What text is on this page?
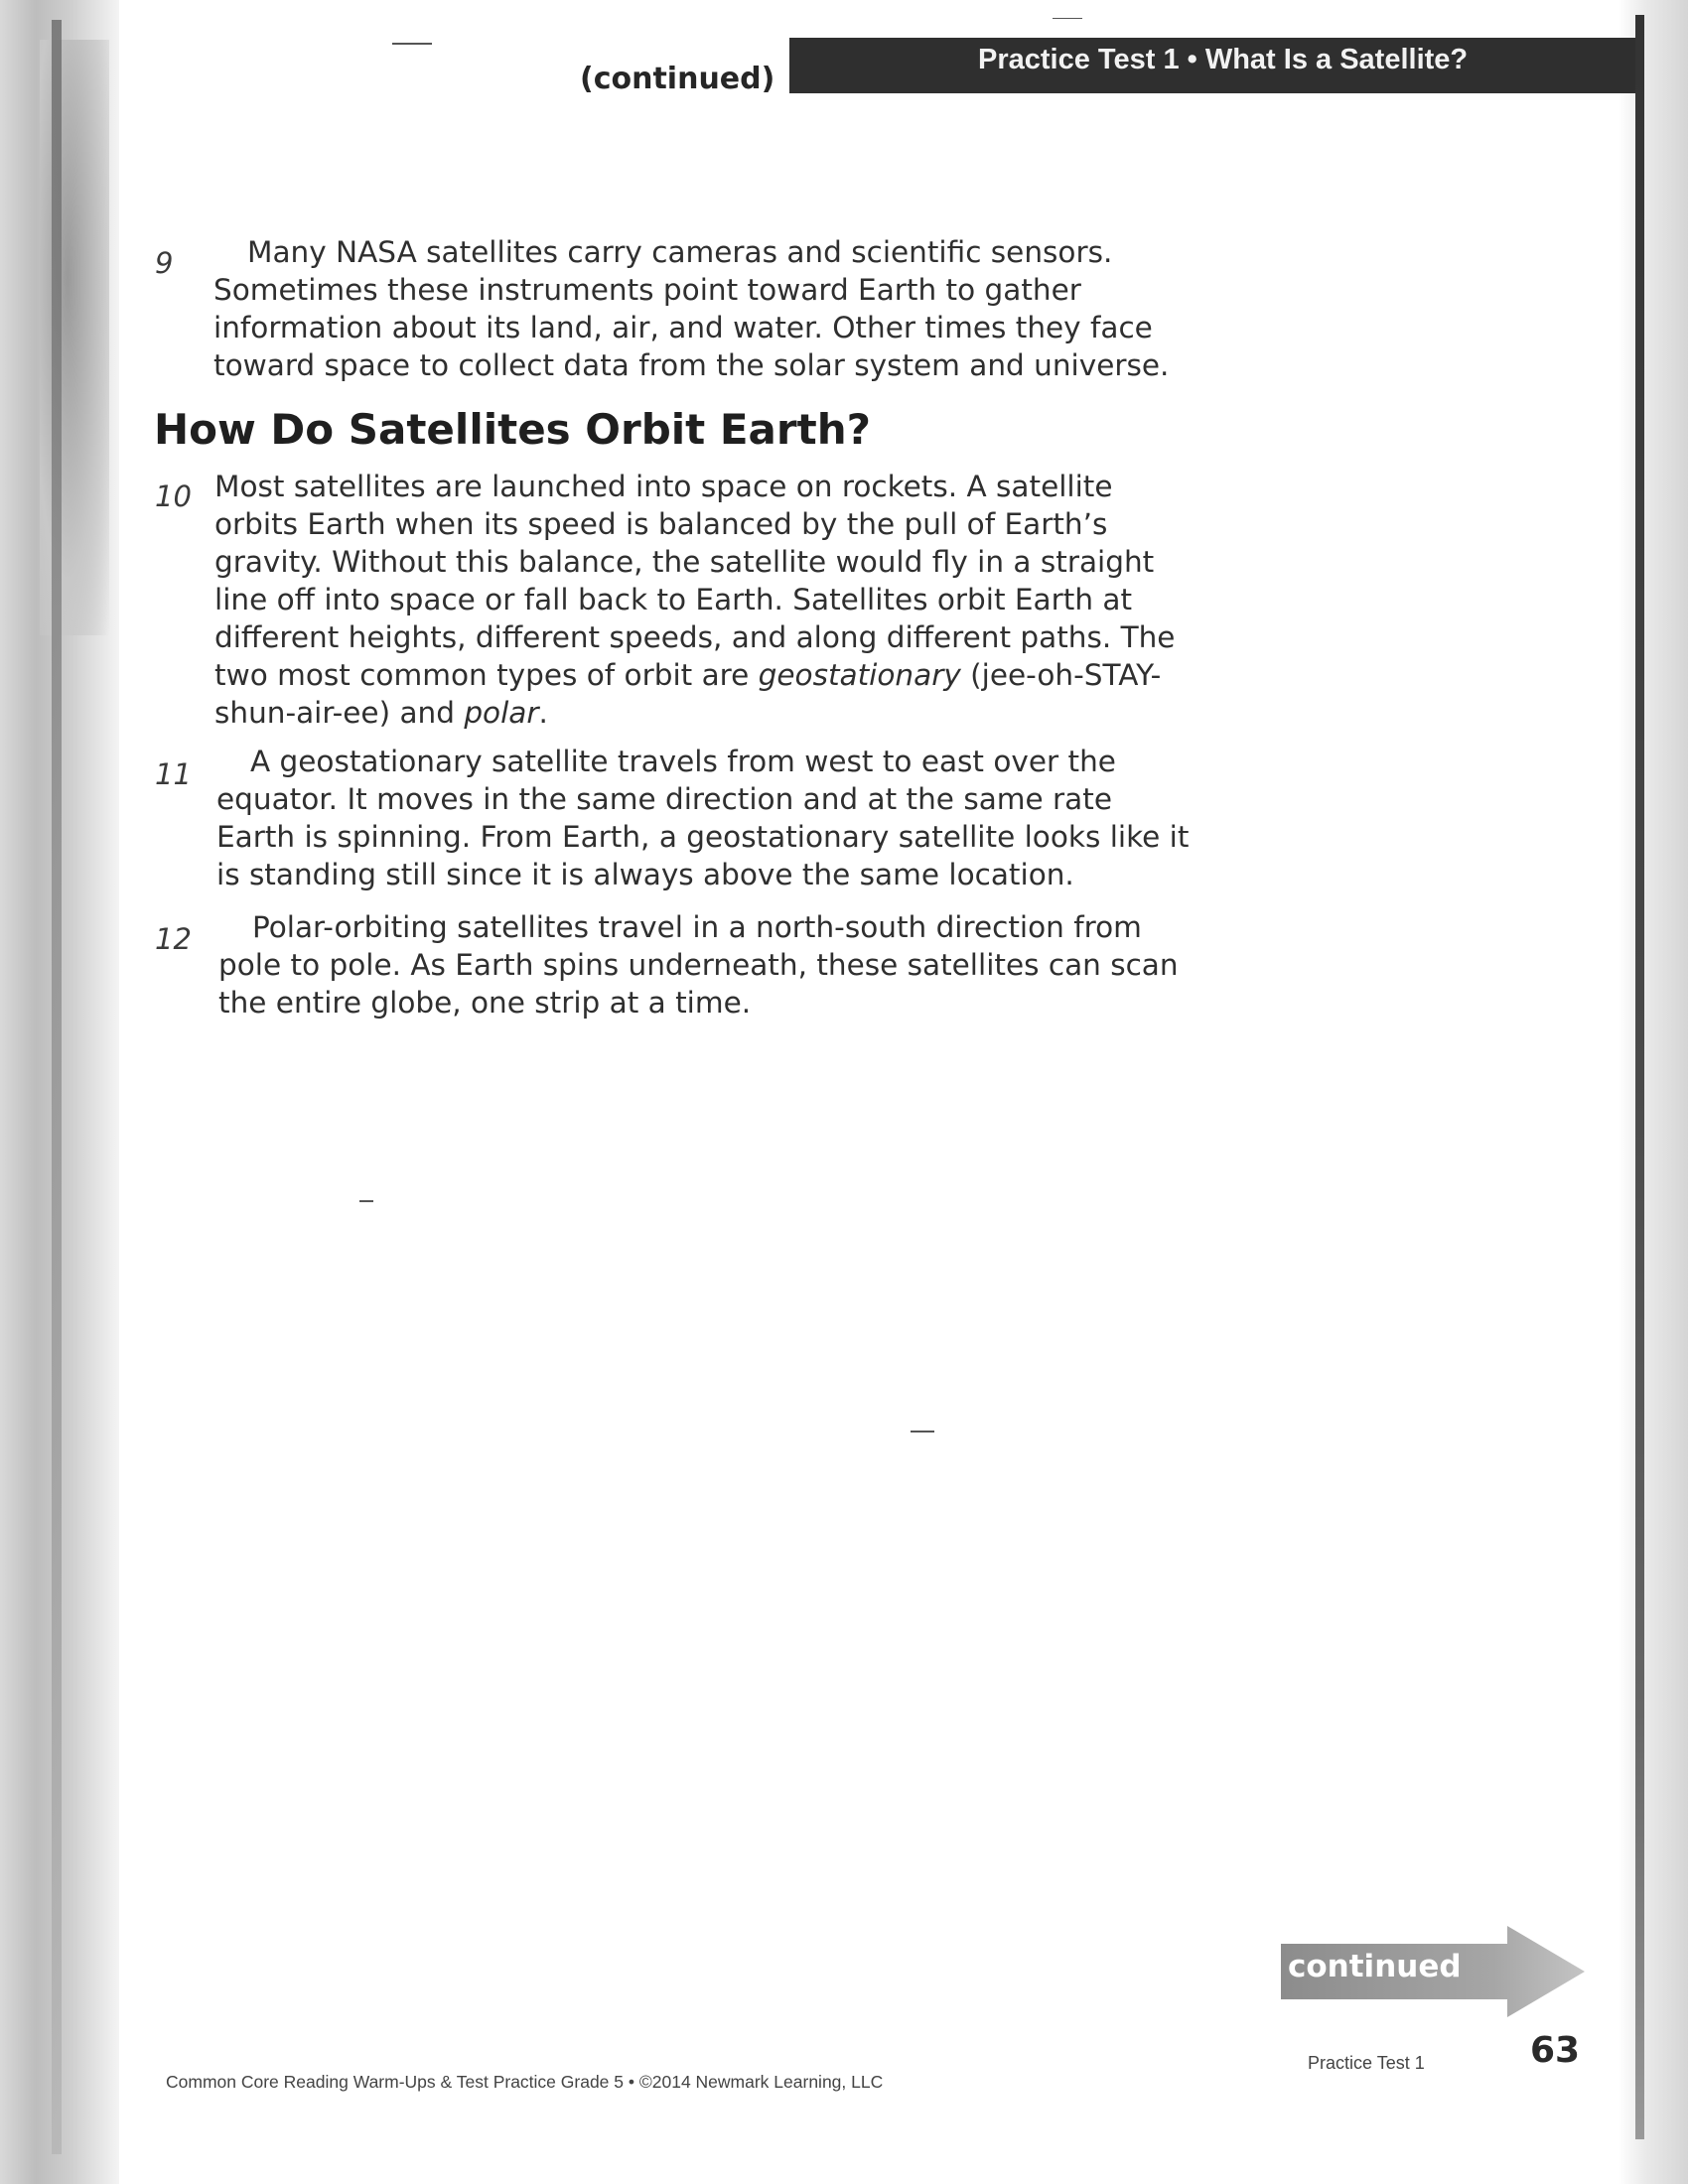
Practice Test 1 • What Is a Satellite?
(continued)
9	Many NASA satellites carry cameras and scientific sensors.
Sometimes these instruments point toward Earth to gather
information about its land, air, and water. Other times they face
toward space to collect data from the solar system and universe.

How Do Satellites Orbit Earth?
10 Most satellites are launched into space on rockets. A satellite
orbits Earth when its speed is balanced by the pull of Earth’s
gravity. Without this balance, the satellite would fly in a straight
line off into space or fall back to Earth. Satellites orbit Earth at
different heights, different speeds, and along different paths. The
two most common types of orbit are geostationary (jee-oh-STAY-
shun-air-ee) and polar.

11	A geostationary satellite travels from west to east over the
equator. It moves in the same direction and at the same rate
Earth is spinning. From Earth, a geostationary satellite looks like it
is standing still since it is always above the same location.

12	Polar-orbiting satellites travel in a north-south direction from
pole to pole. As Earth spins underneath, these satellites can scan
the entire globe, one strip at a time.

continued
Common Core Reading Warm-Ups & Test Practice Grade 5 • ©2014 Newmark Learning, LLC
Practice Test 1	63
